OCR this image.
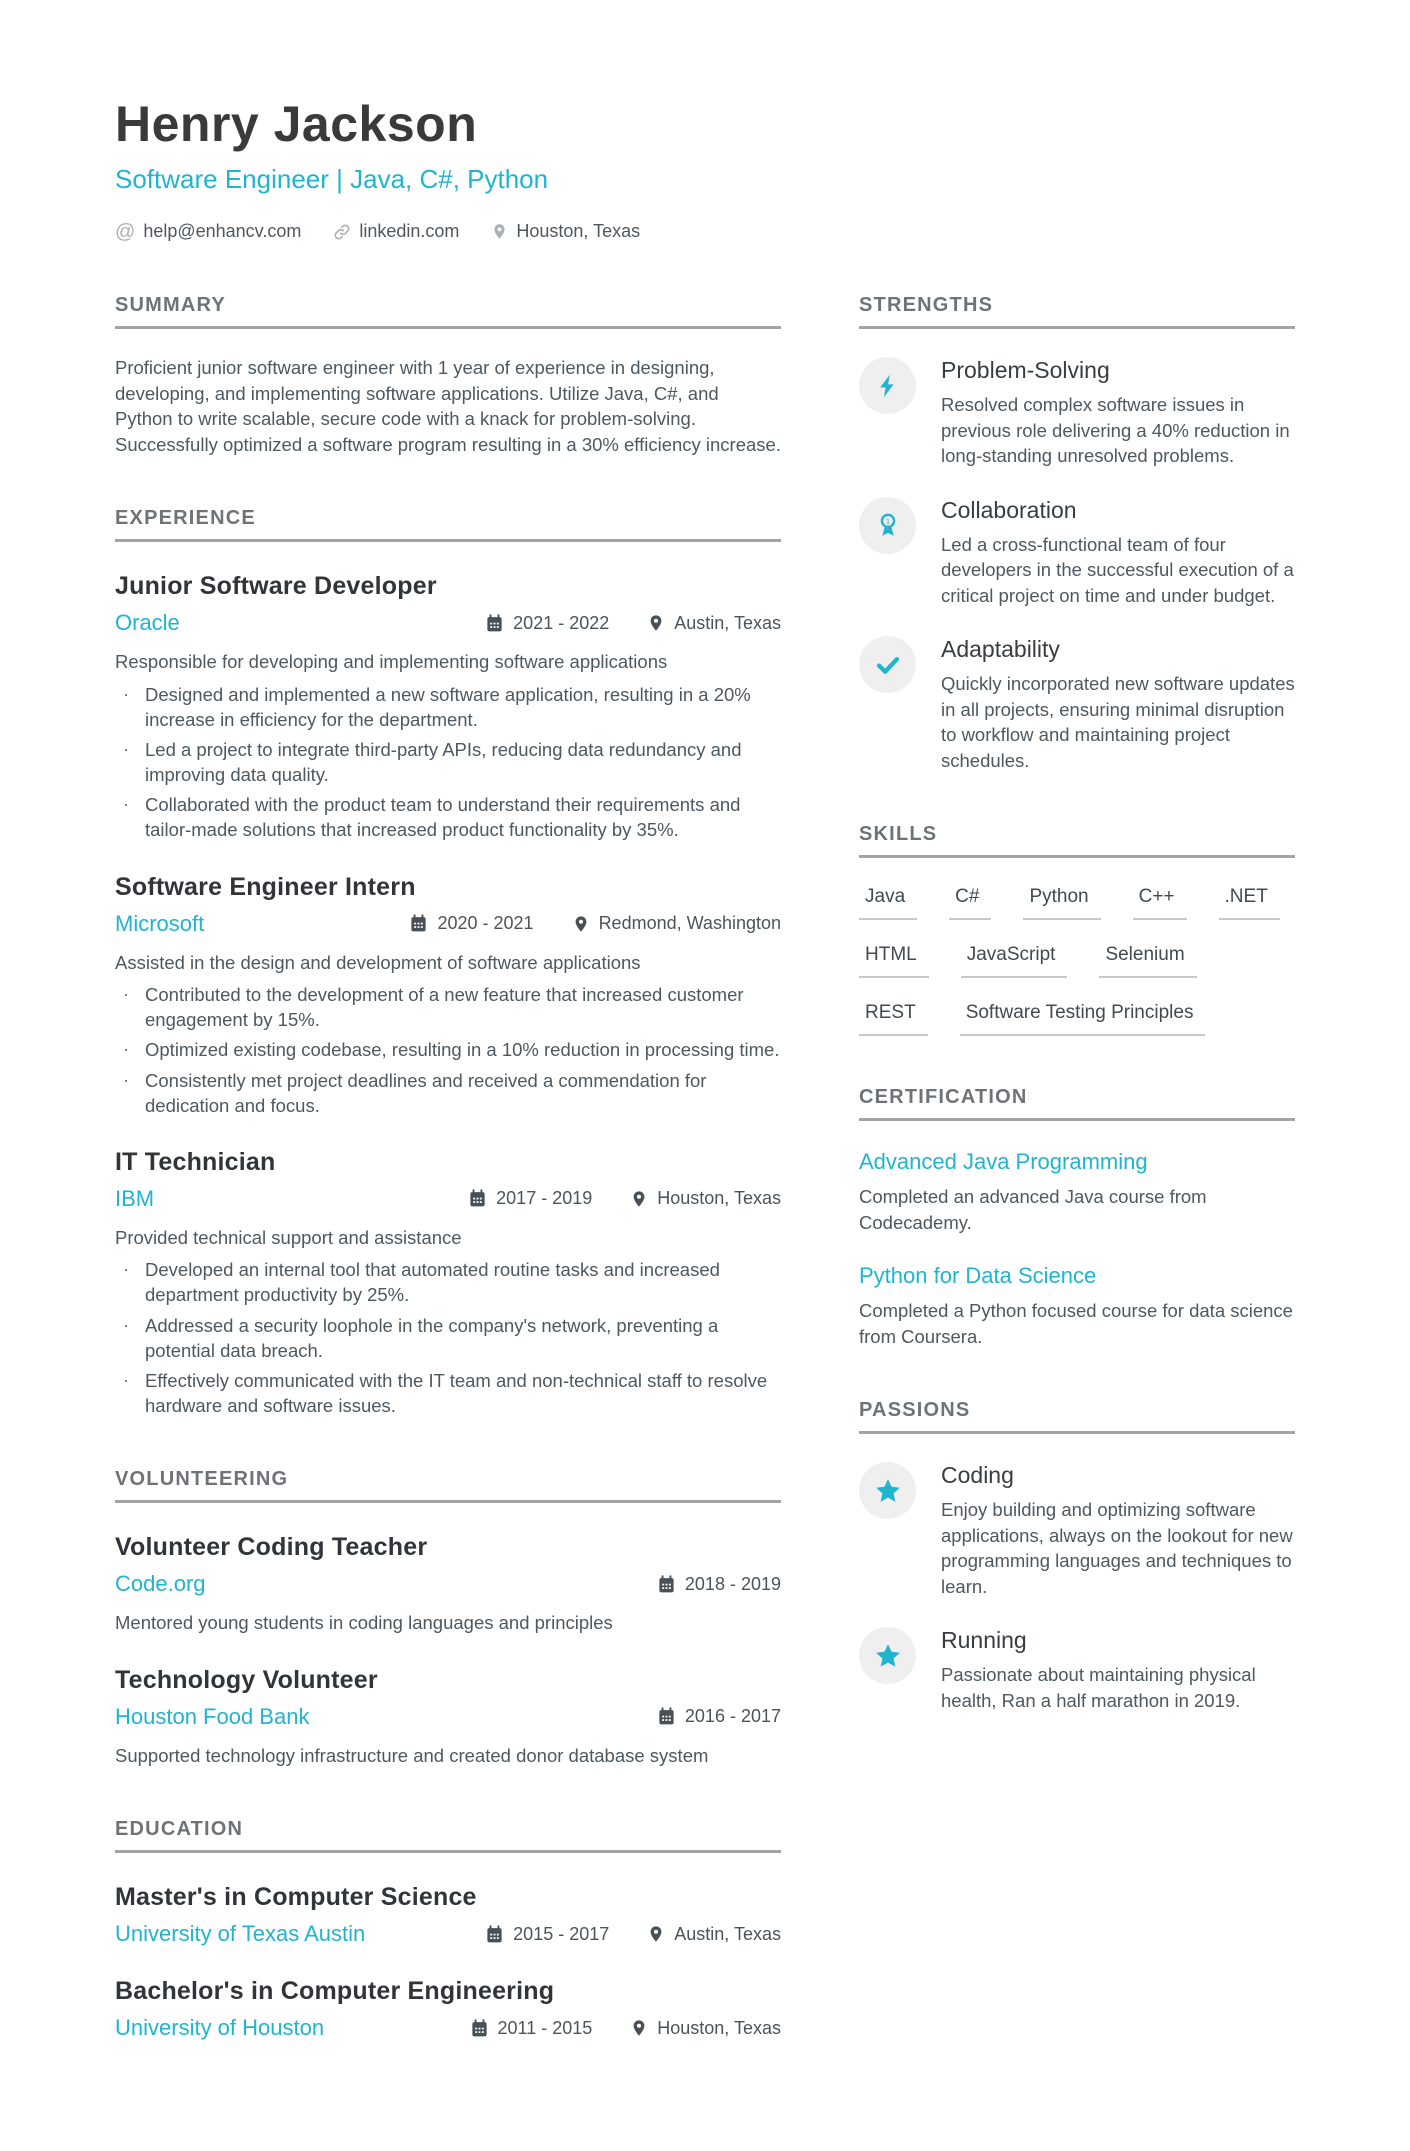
Henry Jackson
Software Engineer | Java, C#, Python
@ help@enhancv.com	linkedin.com	Houston, Texas
SUMMARY

Proficient junior software engineer with 1 year of experience in designing, developing, and implementing software applications. Utilize Java, C#, and Python to write scalable, secure code with a knack for problem-solving. Successfully optimized a software program resulting in a 30% efficiency increase.

EXPERIENCE
Junior Software Developer
Oracle	2021 - 2022	Austin, Texas

Responsible for developing and implementing software applications

· Designed and implemented a new software application, resulting in a 20% increase in efficiency for the department.
· Led a project to integrate third-party APIs, reducing data redundancy and improving data quality.
· Collaborated with the product team to understand their requirements and tailor-made solutions that increased product functionality by 35%.
Software Engineer Intern
Microsoft	2020 - 2021	Redmond, Washington

Assisted in the design and development of software applications

· Contributed to the development of a new feature that increased customer engagement by 15%.
· Optimized existing codebase, resulting in a 10% reduction in processing time.
· Consistently met project deadlines and received a commendation for dedication and focus.
IT Technician
IBM	2017 - 2019	Houston, Texas

Provided technical support and assistance

· Developed an internal tool that automated routine tasks and increased department productivity by 25%.
· Addressed a security loophole in the company's network, preventing a potential data breach.
· Effectively communicated with the IT team and non-technical staff to resolve hardware and software issues.
VOLUNTEERING
Volunteer Coding Teacher
Code.org	2018 - 2019

Mentored young students in coding languages and principles

Technology Volunteer
Houston Food Bank	2016 - 2017

Supported technology infrastructure and created donor database system

EDUCATION
Master's in Computer Science
University of Texas Austin	2015 - 2017	Austin, Texas
Bachelor's in Computer Engineering
University of Houston	2011 - 2015	Houston, Texas
STRENGTHS
Problem-Solving
Resolved complex software issues in previous role delivering a 40% reduction in long-standing unresolved problems.
Collaboration
Led a cross-functional team of four developers in the successful execution of a critical project on time and under budget.
Adaptability
Quickly incorporated new software updates in all projects, ensuring minimal disruption to workflow and maintaining project schedules.
SKILLS
Java	C#	Python	C++	.NET
HTML	JavaScript	Selenium
REST	Software Testing Principles
CERTIFICATION
Advanced Java Programming
Completed an advanced Java course from Codecademy.
Python for Data Science
Completed a Python focused course for data science from Coursera.
PASSIONS
Coding
Enjoy building and optimizing software applications, always on the lookout for new programming languages and techniques to learn.
Running
Passionate about maintaining physical health, Ran a half marathon in 2019.
